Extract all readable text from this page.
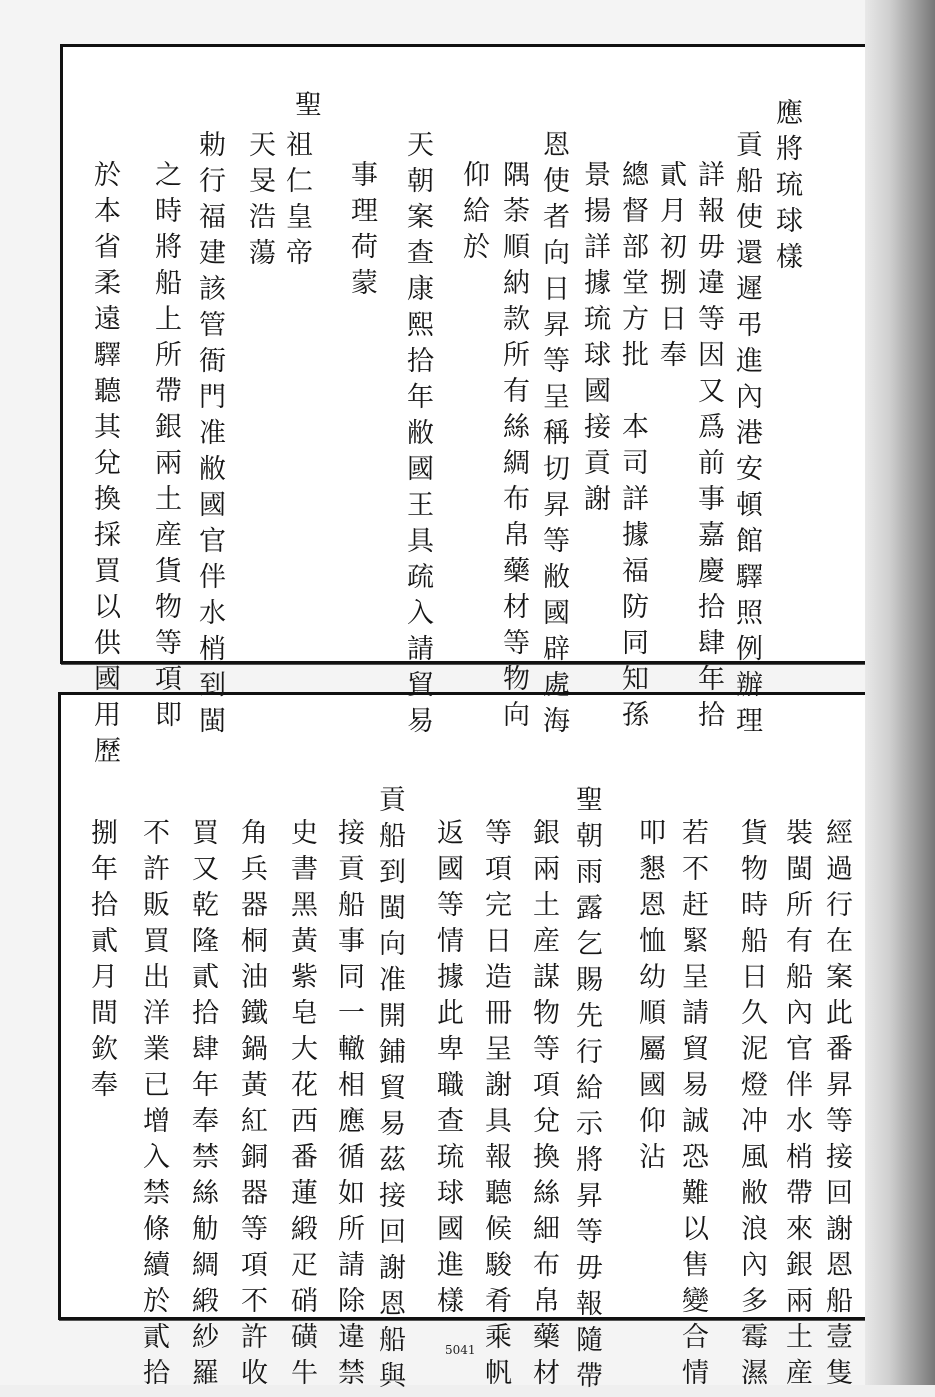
應將琉球樣
貢船使還遲弔進內港安頓館驛照例辦理
詳報毋違等因又爲前事嘉慶拾肆年拾
貳月初捌日奉
總督部堂方批　本司詳據福防同知孫
景揚詳據琉球國接貢謝
恩使者向日昇等呈稱切昇等敝國辟處海
隅荼順納款所有絲綢布帛藥材等物向
仰給於
天朝案查康熙拾年敝國王具疏入請貿易
事理荷蒙
聖
祖仁皇帝
天旻浩蕩
勅行福建該管衙門准敝國官伴水梢到閩
之時將船上所帶銀兩土産貨物等項即
於本省柔遠驛聽其兌換採買以供國用歷
經過行在案此番昇等接回謝恩船壹隻
裝閩所有船內官伴水梢帶來銀兩土産
貨物時船日久泥燈冲風敝浪內多霉濕
若不赶緊呈請貿易誠恐難以售變合情
叩懇恩恤幼順屬國仰沾
聖朝雨露乞賜先行給示將昇等毋報隨帶
銀兩土産謀物等項兌換絲細布帛藥材
等項完日造冊呈謝具報聽候駿肴乘帆
返國等情據此卑職查琉球國進樣
貢船到閩向准開鋪貿易茲接回謝恩船與
接貢船事同一轍相應循如所請除違禁
史書黑黃紫皂大花西番蓮緞疋硝磺牛
角兵器桐油鐵鍋黃紅銅器等項不許收
買又乾隆貳拾肆年奉禁絲觔綢緞紗羅
不許販買出洋業已增入禁條續於貳拾
捌年拾貳月間欽奉
5041
